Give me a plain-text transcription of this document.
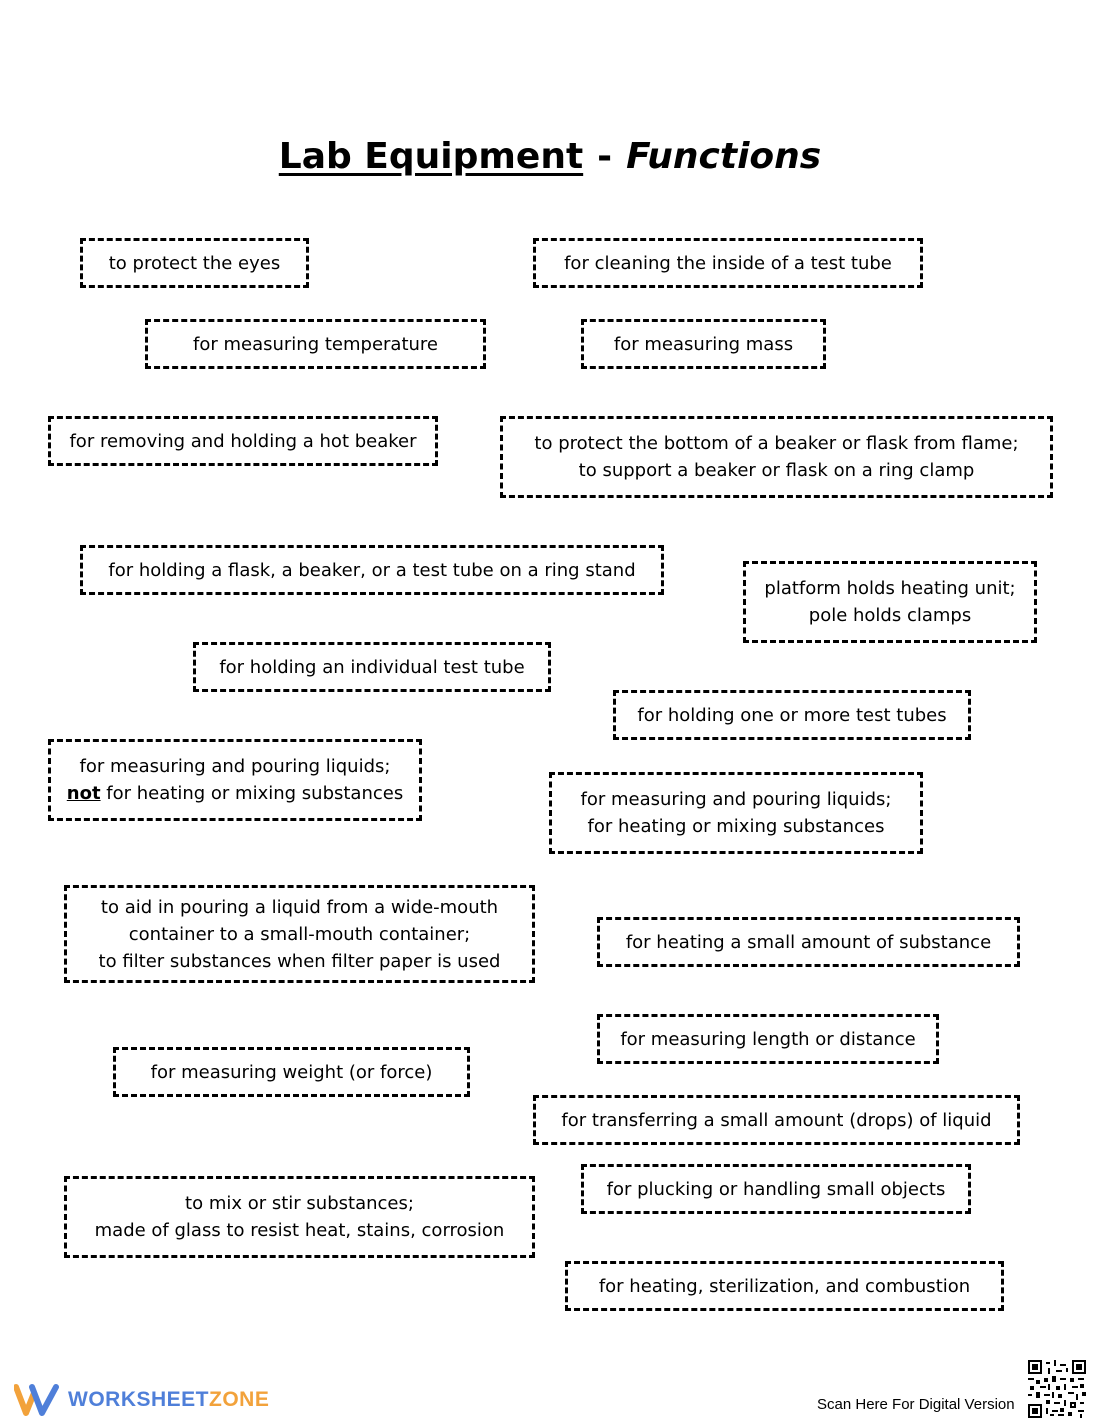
Lab Equipment - Functions
to protect the eyes	for cleaning the inside of a test tube
for measuring temperature	for measuring mass
for removing and holding a hot beaker	to protect the bottom of a beaker or flask from flame;
to support a beaker or flask on a ring clamp
for holding a flask, a beaker, or a test tube on a ring stand
platform holds heating unit;
pole holds clamps
for holding an individual test tube
for holding one or more test tubes
for measuring and pouring liquids;
not for heating or mixing substances	for measuring and pouring liquids;
for heating or mixing substances
to aid in pouring a liquid from a wide-mouth
container to a small-mouth container;
to filter substances when filter paper is used
for heating a small amount of substance
for measuring length or distance
for measuring weight (or force)
for transferring a small amount (drops) of liquid
for plucking or handling small objects
to mix or stir substances;
made of glass to resist heat, stains, corrosion
for heating, sterilization, and combustion
WORKSHEETZONE	Scan Here For Digital Version
